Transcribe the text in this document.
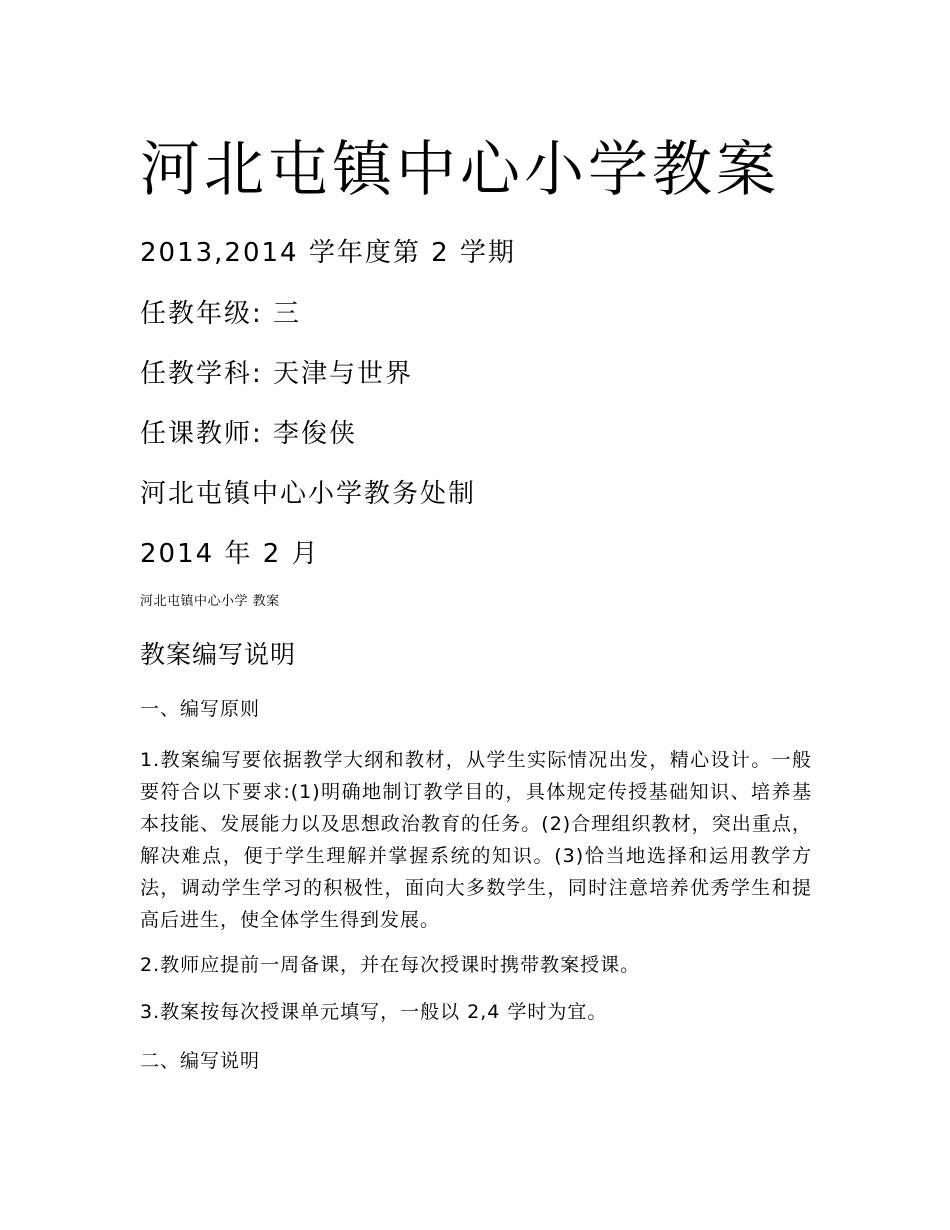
河北屯镇中心小学教案
2013,2014 学年度第 2 学期
任教年级: 三
任教学科: 天津与世界
任课教师: 李俊侠
河北屯镇中心小学教务处制
2014 年 2 月
河北屯镇中心小学 教案
教案编写说明
一、编写原则
1.教案编写要依据教学大纲和教材，从学生实际情况出发，精心设计。一般要符合以下要求:(1)明确地制订教学目的，具体规定传授基础知识、培养基本技能、发展能力以及思想政治教育的任务。(2)合理组织教材，突出重点，解决难点，便于学生理解并掌握系统的知识。(3)恰当地选择和运用教学方法，调动学生学习的积极性，面向大多数学生，同时注意培养优秀学生和提高后进生，使全体学生得到发展。
2.教师应提前一周备课，并在每次授课时携带教案授课。
3.教案按每次授课单元填写，一般以 2,4 学时为宜。
二、编写说明
